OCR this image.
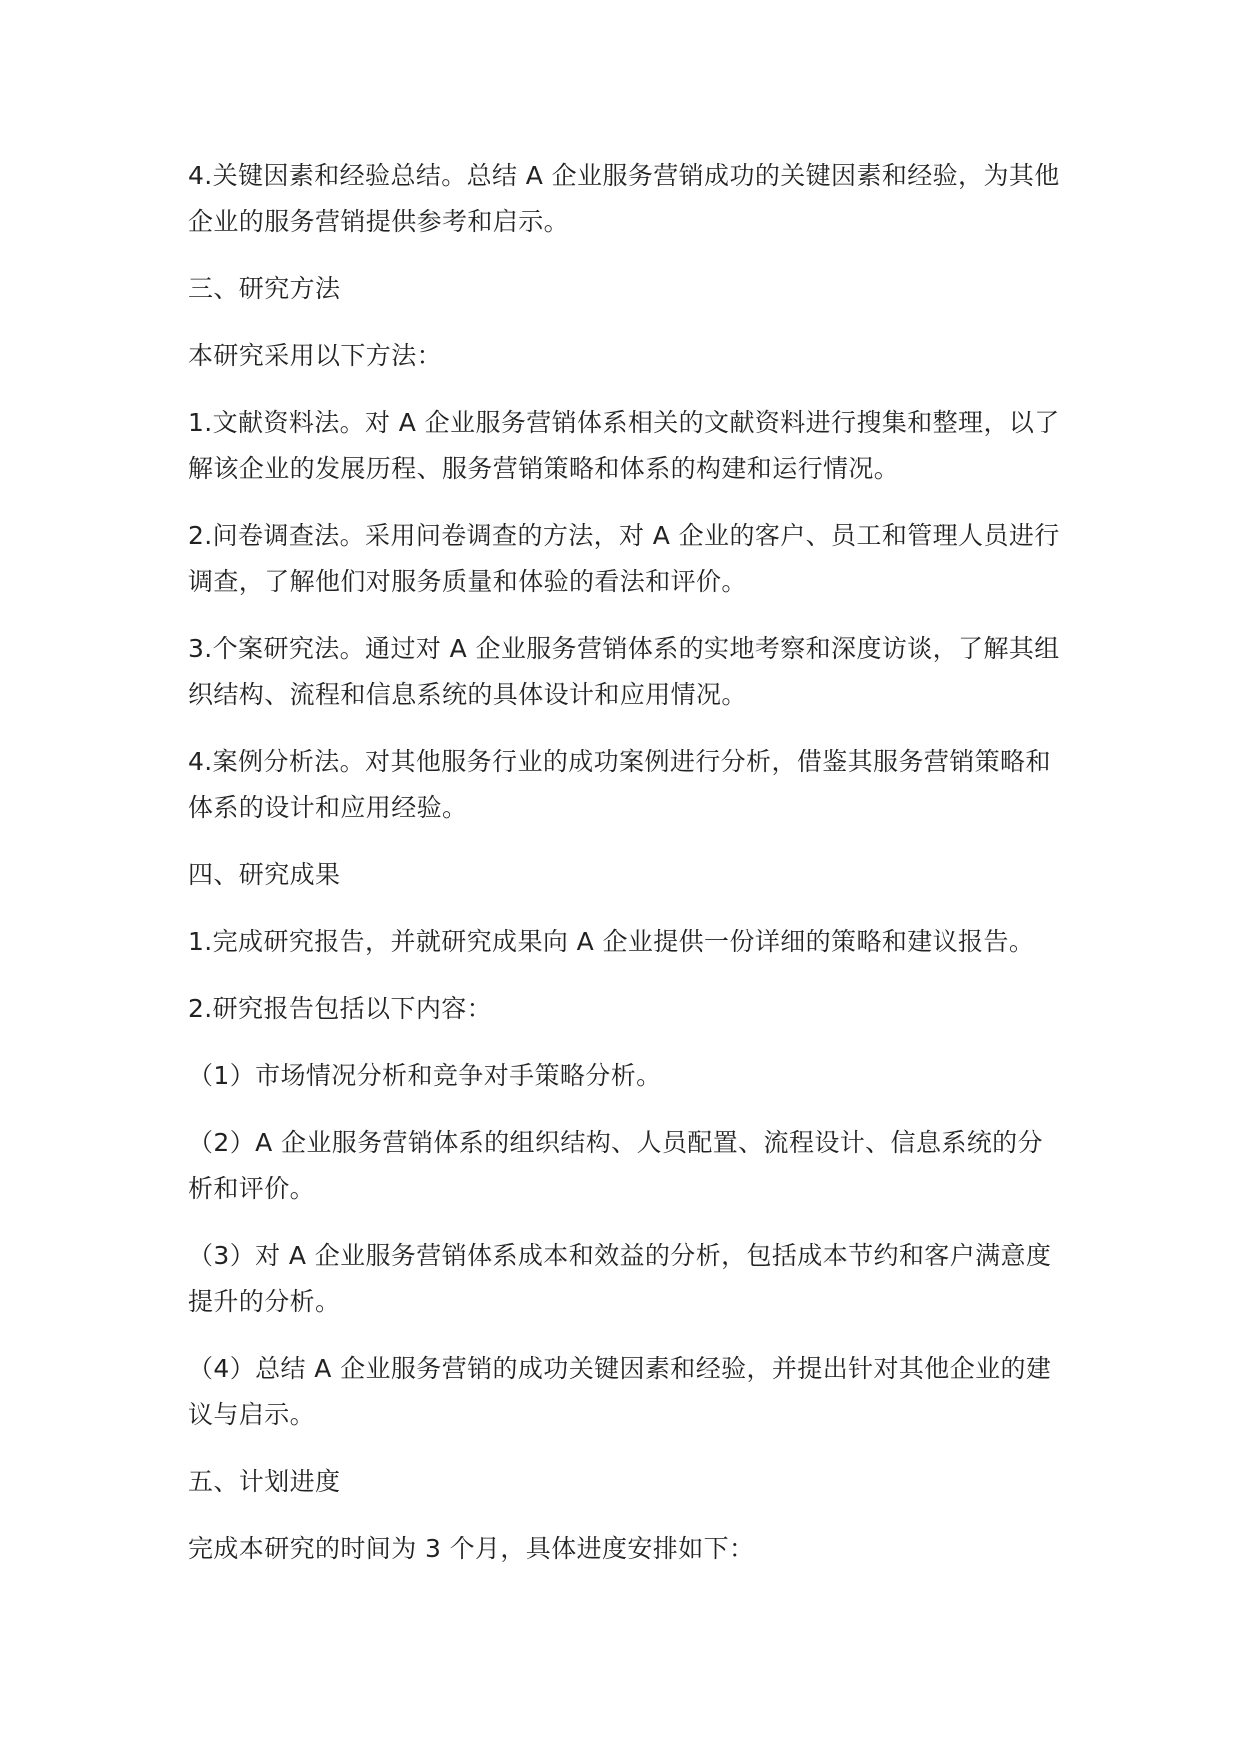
4.关键因素和经验总结。总结 A 企业服务营销成功的关键因素和经验，为其他企业的服务营销提供参考和启示。

三、研究方法

本研究采用以下方法：

1.文献资料法。对 A 企业服务营销体系相关的文献资料进行搜集和整理，以了解该企业的发展历程、服务营销策略和体系的构建和运行情况。

2.问卷调查法。采用问卷调查的方法，对 A 企业的客户、员工和管理人员进行调查，了解他们对服务质量和体验的看法和评价。

3.个案研究法。通过对 A 企业服务营销体系的实地考察和深度访谈，了解其组织结构、流程和信息系统的具体设计和应用情况。

4.案例分析法。对其他服务行业的成功案例进行分析，借鉴其服务营销策略和体系的设计和应用经验。

四、研究成果

1.完成研究报告，并就研究成果向 A 企业提供一份详细的策略和建议报告。

2.研究报告包括以下内容：

（1）市场情况分析和竞争对手策略分析。

（2）A 企业服务营销体系的组织结构、人员配置、流程设计、信息系统的分析和评价。

（3）对 A 企业服务营销体系成本和效益的分析，包括成本节约和客户满意度提升的分析。

（4）总结 A 企业服务营销的成功关键因素和经验，并提出针对其他企业的建议与启示。

五、计划进度

完成本研究的时间为 3 个月，具体进度安排如下：
